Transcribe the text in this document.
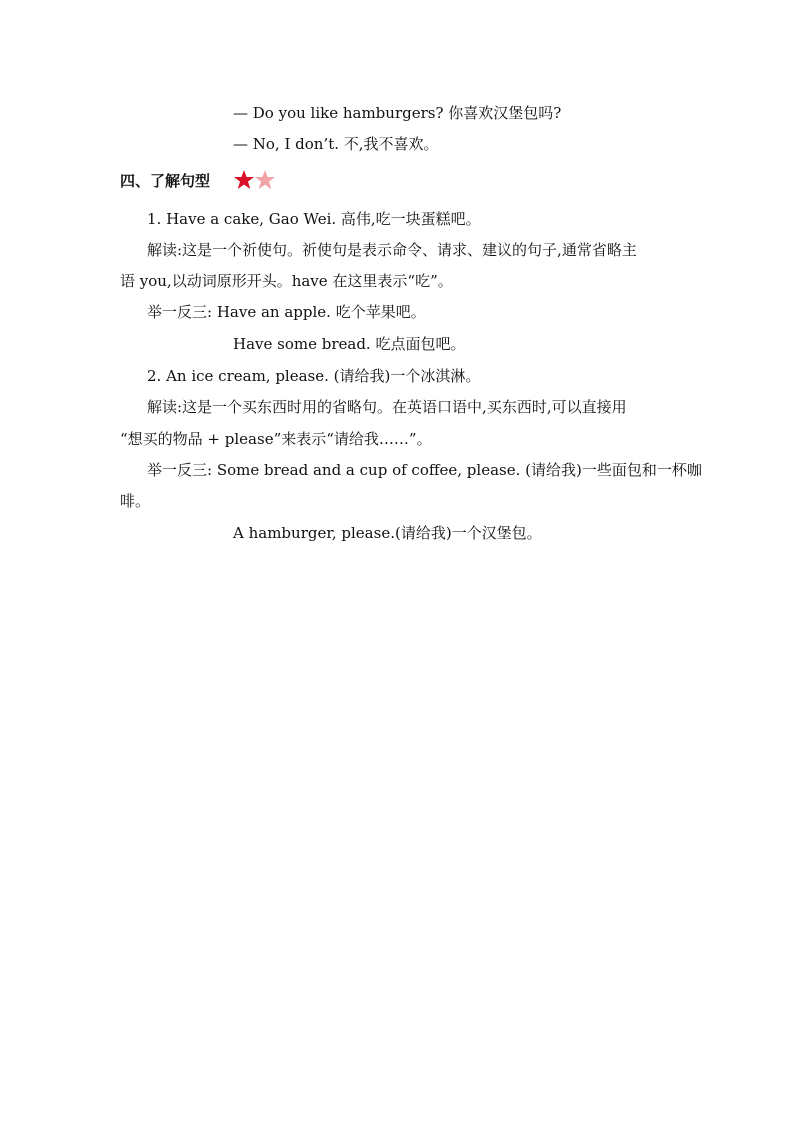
— Do you like hamburgers? 你喜欢汉堡包吗?
— No, I don’t. 不,我不喜欢。
四、了解句型
1. Have a cake, Gao Wei. 高伟,吃一块蛋糕吧。
解读:这是一个祈使句。祈使句是表示命令、请求、建议的句子,通常省略主
语 you,以动词原形开头。have 在这里表示“吃”。
举一反三: Have an apple. 吃个苹果吧。
Have some bread. 吃点面包吧。
2. An ice cream, please. (请给我)一个冰淇淋。
解读:这是一个买东西时用的省略句。在英语口语中,买东西时,可以直接用
“想买的物品 + please”来表示“请给我……”。
举一反三: Some bread and a cup of coffee, please. (请给我)一些面包和一杯咖
啡。
A hamburger, please.(请给我)一个汉堡包。
